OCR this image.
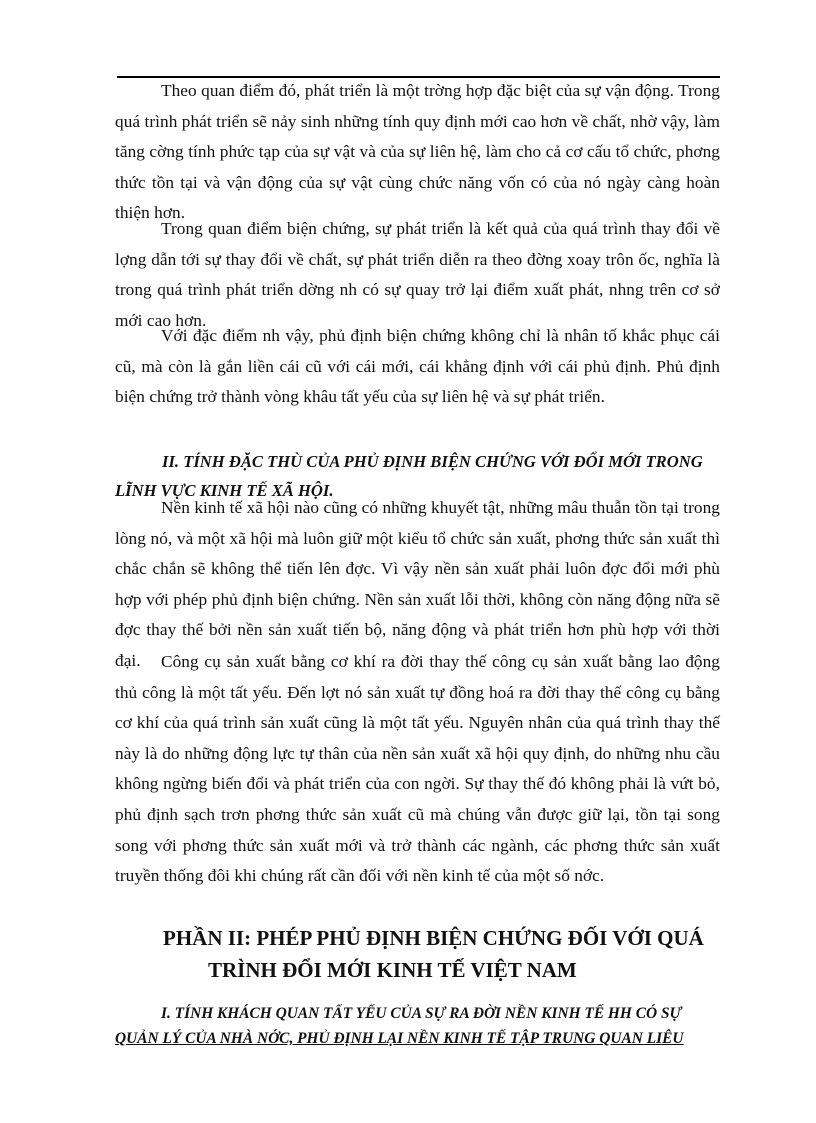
Theo quan điểm đó, phát triển là một trờng hợp đặc biệt của sự vận động. Trong quá trình phát triển sẽ nảy sinh những tính quy định mới cao hơn về chất, nhờ vậy, làm tăng cờng tính phức tạp của sự vật và của sự liên hệ, làm cho cả cơ cấu tổ chức, phơng thức tồn tại và vận động của sự vật cùng chức năng vốn có của nó ngày càng hoàn thiện hơn.

Trong quan điểm biện chứng, sự phát triển là kết quả của quá trình thay đổi về lợng dẫn tới sự thay đổi về chất, sự phát triển diễn ra theo đờng xoay trôn ốc, nghĩa là trong quá trình phát triển dờng nh có sự quay trở lại điểm xuất phát, nhng trên cơ sở mới cao hơn.

Với đặc điểm nh vậy, phủ định biện chứng không chỉ là nhân tố khắc phục cái cũ, mà còn là gắn liền cái cũ với cái mới, cái khẳng định với cái phủ định. Phủ định biện chứng trở thành vòng khâu tất yếu của sự liên hệ và sự phát triển.

II. TÍNH ĐẶC THÙ CỦA PHỦ ĐỊNH BIỆN CHỨNG VỚI ĐỔI MỚI TRONG
LĨNH VỰC KINH TẾ XÃ HỘI.

Nền kinh tế xã hội nào cũng có những khuyết tật, những mâu thuẫn tồn tại trong lòng nó, và một xã hội mà luôn giữ một kiểu tổ chức sản xuất, phơng thức sản xuất thì chắc chắn sẽ không thể tiến lên đợc. Vì vậy nền sản xuất phải luôn đợc đổi mới phù hợp với phép phủ định biện chứng. Nền sản xuất lỗi thời, không còn năng động nữa sẽ đợc thay thế bởi nền sản xuất tiến bộ, năng động và phát triển hơn phù hợp với thời đại.	Công cụ sản xuất bằng cơ khí ra đời thay thế công cụ sản xuất bằng lao động thủ công là một tất yếu. Đến lợt nó sản xuất tự đồng hoá ra đời thay thế công cụ bằng cơ khí của quá trình sản xuất cũng là một tất yếu. Nguyên nhân của quá trình thay thế này là do những động lực tự thân của nền sản xuất xã hội quy định, do những nhu cầu không ngừng biến đổi và phát triển của con ngời. Sự thay thế đó không phải là vứt bỏ, phủ định sạch trơn phơng thức sản xuất cũ mà chúng vẫn được giữ lại, tồn tại song song với phơng thức sản xuất mới và trở thành các ngành, các phơng thức sản xuất truyền thống đôi khi chúng rất cần đối với nền kinh tế của một số nớc.

PHẦN II: PHÉP PHỦ ĐỊNH BIỆN CHỨNG ĐỐI VỚI QUÁ
TRÌNH ĐỔI MỚI KINH TẾ VIỆT NAM
I. TÍNH KHÁCH QUAN TẤT YẾU CỦA SỰ RA ĐỜI NỀN KINH TẾ HH CÓ SỰ
QUẢN LÝ CỦA NHÀ NỚC, PHỦ ĐỊNH LẠI NỀN KINH TẾ TẬP TRUNG QUAN LIÊU
